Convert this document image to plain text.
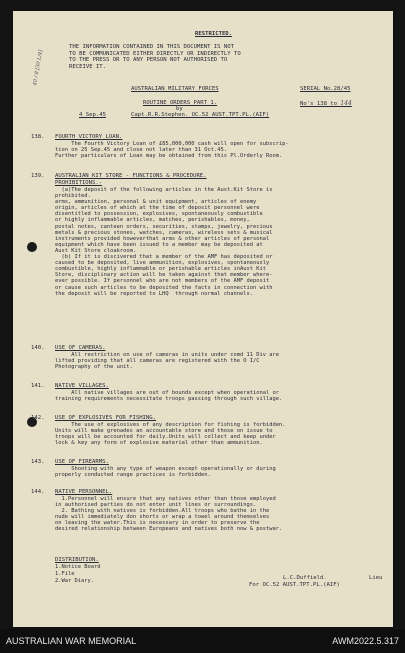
RESTRICTED.
THE INFORMATION CONTAINED IN THIS DOCUMENT IS NOT
TO BE COMMUNICATED EITHER DIRECTLY OR INDIRECTLY TO
TO THE PRESS OR TO ANY PERSON NOT AUTHORISED TO
RECEIVE IT.
40 / 8 [30 L/4]
AUSTRALIAN MILITARY FORCES	SERIAL No.28/45
ROUTINE ORDERS PART 1.
by
No's 138 to 144
4 Sep.45	Capt.R.R.Stephen. OC.52 AUST.TPT.PL.(AIF)
138. FOURTH VICTORY LOAN.
The Fourth Victory Loan of £85,000,000 cash will open for subscrip-
tion on 25 Sep.45 and close not later than 31 Oct.45.
Further particulars of Loan may be obtained from this Pl.Orderly Room.
139. AUSTRALIAN KIT STORE - FUNCTIONS & PROCEDURE.
PROHIBITIONS.-
(a)The deposit of the following articles in the Aust.Kit Store is
prohibited.
arms, ammunition, personal & unit equipment, articles of enemy
origin, articles of which at the time of deposit personnel were
disentitled to possession, explosives, spontaneously combustible
or highly inflammable articles, matches, perishables, money,
postal notes, canteen orders, securities, stamps, jewelry, precious
metals & precious stones, watches, cameras, wireless sets & musical
instruments provided howeverthat arms & other articles of personal
equipment which have been issued to a member may be deposited at
Aust Kit Store cloakroom.
(b) If it is discivered that a member of the AMF has deposited or
caused to be deposited, live ammunition, explosives, spontaneously
combustible, highly inflammable or perishable articles inAust Kit
Store, disciplinary action will be taken against that member where-
ever possible. If personnel who are not members of the AMF deposit
or cause such articles to be deposited the facts in connection with
the deposit will be reported to LHQ  through normal channels.
140. USE OF CAMERAS.
All restriction on use of cameras in units under comd 11 Div are
lifted providing that all cameras are registered with the O I/C
Photography of the unit.
141. NATIVE VILLAGES.
All native villages are out of bounds except when operational or
training requirements necessitate troops passing through such village.
142. USE OF EXPLOSIVES FOR FISHING.
The use of explosives of any description for fishing is forbidden.
Units will make grenades an accountable store and those on issue to
troops will be accounted for daily.Units will collect and keep under
lock & key any form of explosive material other than ammunition.
143. USE OF FIREARMS.
Shooting with any type of weapon except operationally or during
properly conducted range practices is forbidden.
144. NATIVE PERSONNEL.
1.Personnel will ensure that any natives other than those employed
in authorised parties do not enter unit lines or surroundings.
2. Bathing with natives is forbidden.All troops who bathe in the
nude will immediately don shorts or wrap a towel around themselves
on leaving the water.This is necessary in order to preserve the
desired relationship between Europeans and natives both now & postwar.
DISTRIBUTION.
1.Notice Board
1.File
2.War Diary.	L.C.Duffield.	Lieu
For OC.52 AUST.TPT.PL.(AIF)
AUSTRALIAN WAR MEMORIAL	AWM2022.5.317
